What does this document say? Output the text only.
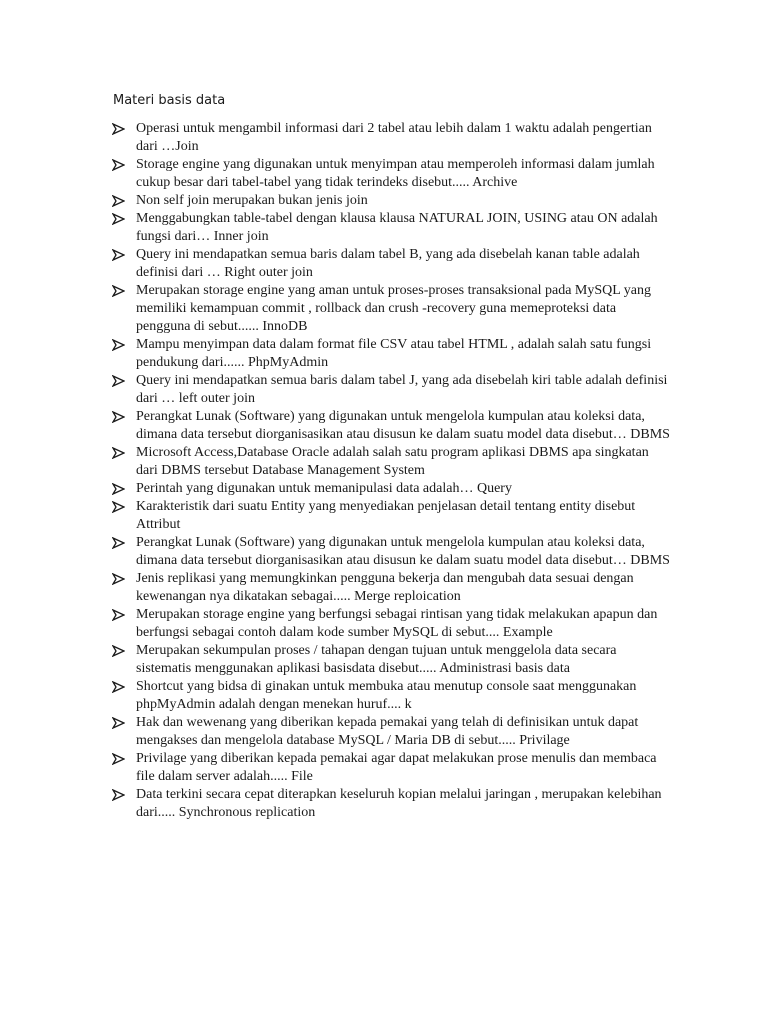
Materi basis data
Operasi untuk mengambil informasi dari 2 tabel atau lebih dalam 1 waktu adalah pengertian dari …Join
Storage engine yang digunakan untuk menyimpan atau memperoleh informasi dalam jumlah cukup besar dari tabel-tabel yang tidak terindeks disebut..... Archive
Non self join merupakan bukan jenis join
Menggabungkan table-tabel dengan klausa klausa NATURAL JOIN, USING atau ON adalah fungsi dari… Inner join
Query ini mendapatkan semua baris dalam tabel B, yang ada disebelah kanan table adalah definisi dari … Right outer join
Merupakan storage engine yang aman untuk proses-proses transaksional pada MySQL yang memiliki kemampuan commit , rollback dan crush -recovery guna memeproteksi data pengguna di sebut...... InnoDB
Mampu menyimpan data dalam format file CSV atau tabel HTML , adalah salah satu fungsi pendukung dari...... PhpMyAdmin
Query ini mendapatkan semua baris dalam tabel J, yang ada disebelah kiri table adalah definisi dari … left outer join
Perangkat Lunak (Software) yang digunakan untuk mengelola kumpulan atau koleksi data, dimana data tersebut diorganisasikan atau disusun ke dalam suatu model data disebut… DBMS
Microsoft Access,Database Oracle adalah salah satu program aplikasi DBMS apa singkatan dari DBMS tersebut Database Management System
Perintah yang digunakan untuk memanipulasi data adalah… Query
Karakteristik dari suatu Entity yang menyediakan penjelasan detail tentang entity disebut Attribut
Perangkat Lunak (Software) yang digunakan untuk mengelola kumpulan atau koleksi data, dimana data tersebut diorganisasikan atau disusun ke dalam suatu model data disebut… DBMS
Jenis replikasi yang memungkinkan pengguna bekerja dan mengubah data sesuai dengan kewenangan nya dikatakan sebagai..... Merge reploication
Merupakan storage engine yang berfungsi sebagai rintisan yang tidak melakukan apapun dan berfungsi sebagai contoh dalam kode sumber MySQL di sebut.... Example
Merupakan sekumpulan proses / tahapan dengan tujuan untuk menggelola data secara sistematis menggunakan aplikasi basisdata disebut..... Administrasi basis data
Shortcut yang bidsa di ginakan untuk membuka atau menutup console saat menggunakan phpMyAdmin adalah dengan menekan huruf.... k
Hak dan wewenang yang diberikan kepada pemakai yang telah di definisikan untuk dapat mengakses dan mengelola database MySQL / Maria DB di sebut..... Privilage
Privilage yang diberikan kepada pemakai agar dapat melakukan prose menulis dan membaca file dalam server adalah..... File
Data terkini secara cepat diterapkan keseluruh kopian melalui jaringan , merupakan kelebihan dari..... Synchronous replication
